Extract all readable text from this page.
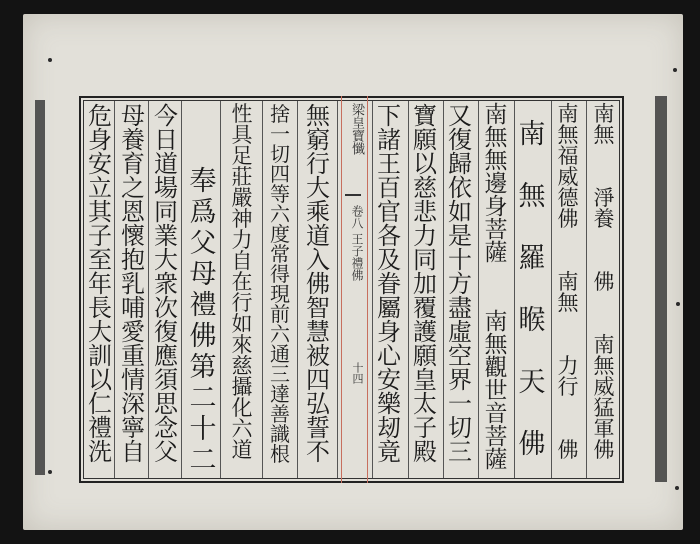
梁皇寶懺
卷八 王子禮佛
十四
南
無

淨
養

佛

南
無
威
猛
軍
佛
南
無
福
威
德
佛

南
無

力
行

佛
南
無
羅
睺
天
佛
南
無
無
邊
身
菩
薩

南
無
觀
世
音
菩
薩
又
復
歸
依
如
是
十
方
盡
虛
空
界
一
切
三
寶
願
以
慈
悲
力
同
加
覆
護
願
皇
太
子
殿
下
諸
王
百
官
各
及
眷
屬
身
心
安
樂
刼
竟
無
窮
行
大
乘
道
入
佛
智
慧
被
四
弘
誓
不
捨
一
切
四
等
六
度
常
得
現
前
六
通
三
達
善
識
根
性
具
足
莊
嚴
神
力
自
在
行
如
來
慈
攝
化
六
道

奉
爲
父
母
禮
佛
第
二
十
二
今
日
道
場
同
業
大
衆
次
復
應
須
思
念
父
母
養
育
之
恩
懷
抱
乳
哺
愛
重
情
深
寧
自
危
身
安
立
其
子
至
年
長
大
訓
以
仁
禮
洗
